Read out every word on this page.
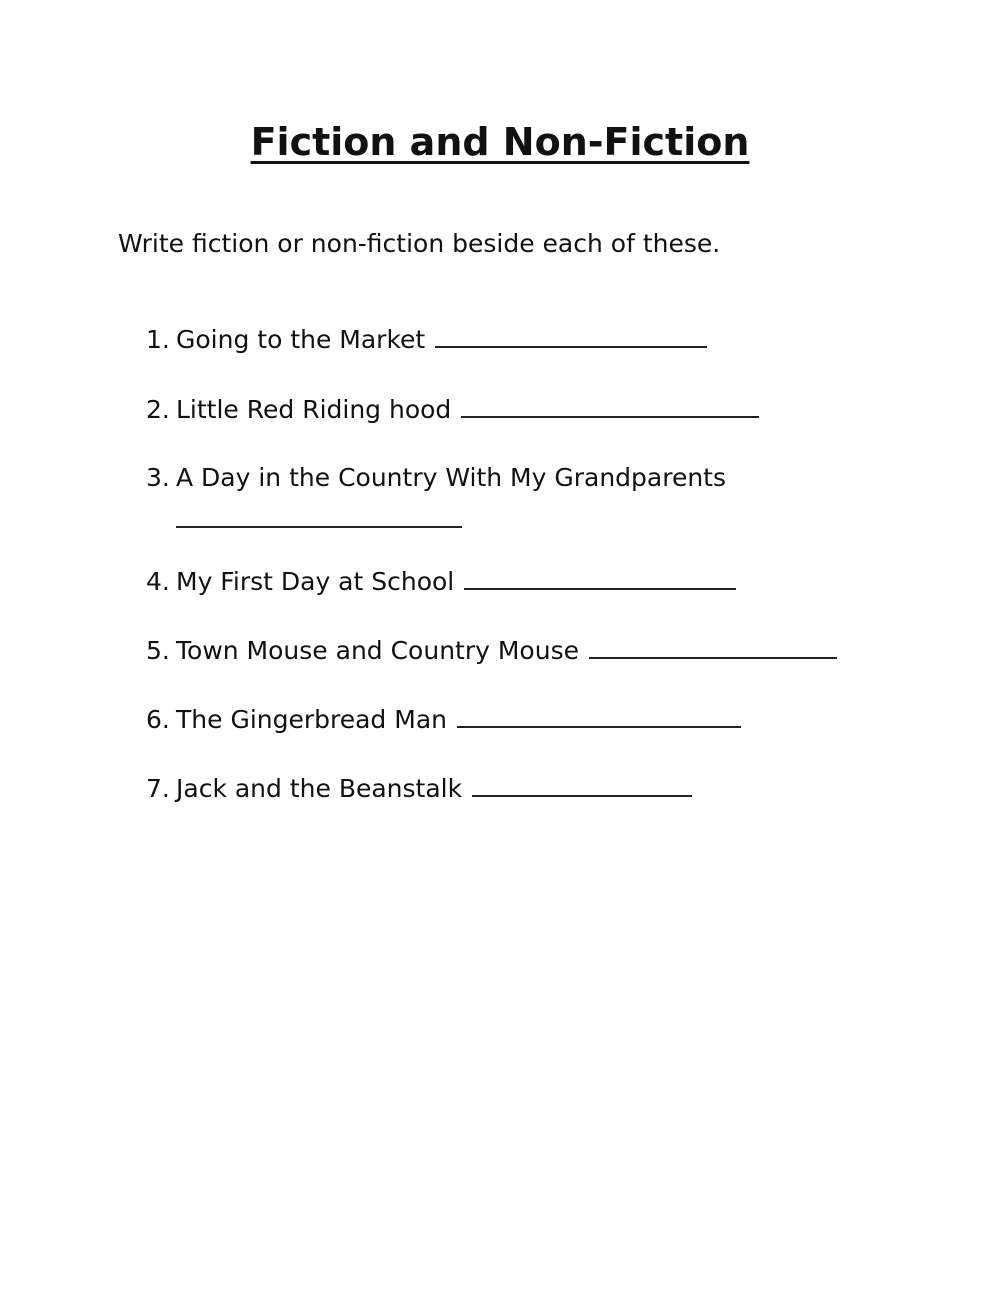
Fiction and Non-Fiction

Write fiction or non-fiction beside each of these.

1. Going to the Market
2. Little Red Riding hood
3. A Day in the Country With My Grandparents
4. My First Day at School
5. Town Mouse and Country Mouse
6. The Gingerbread Man
7. Jack and the Beanstalk
